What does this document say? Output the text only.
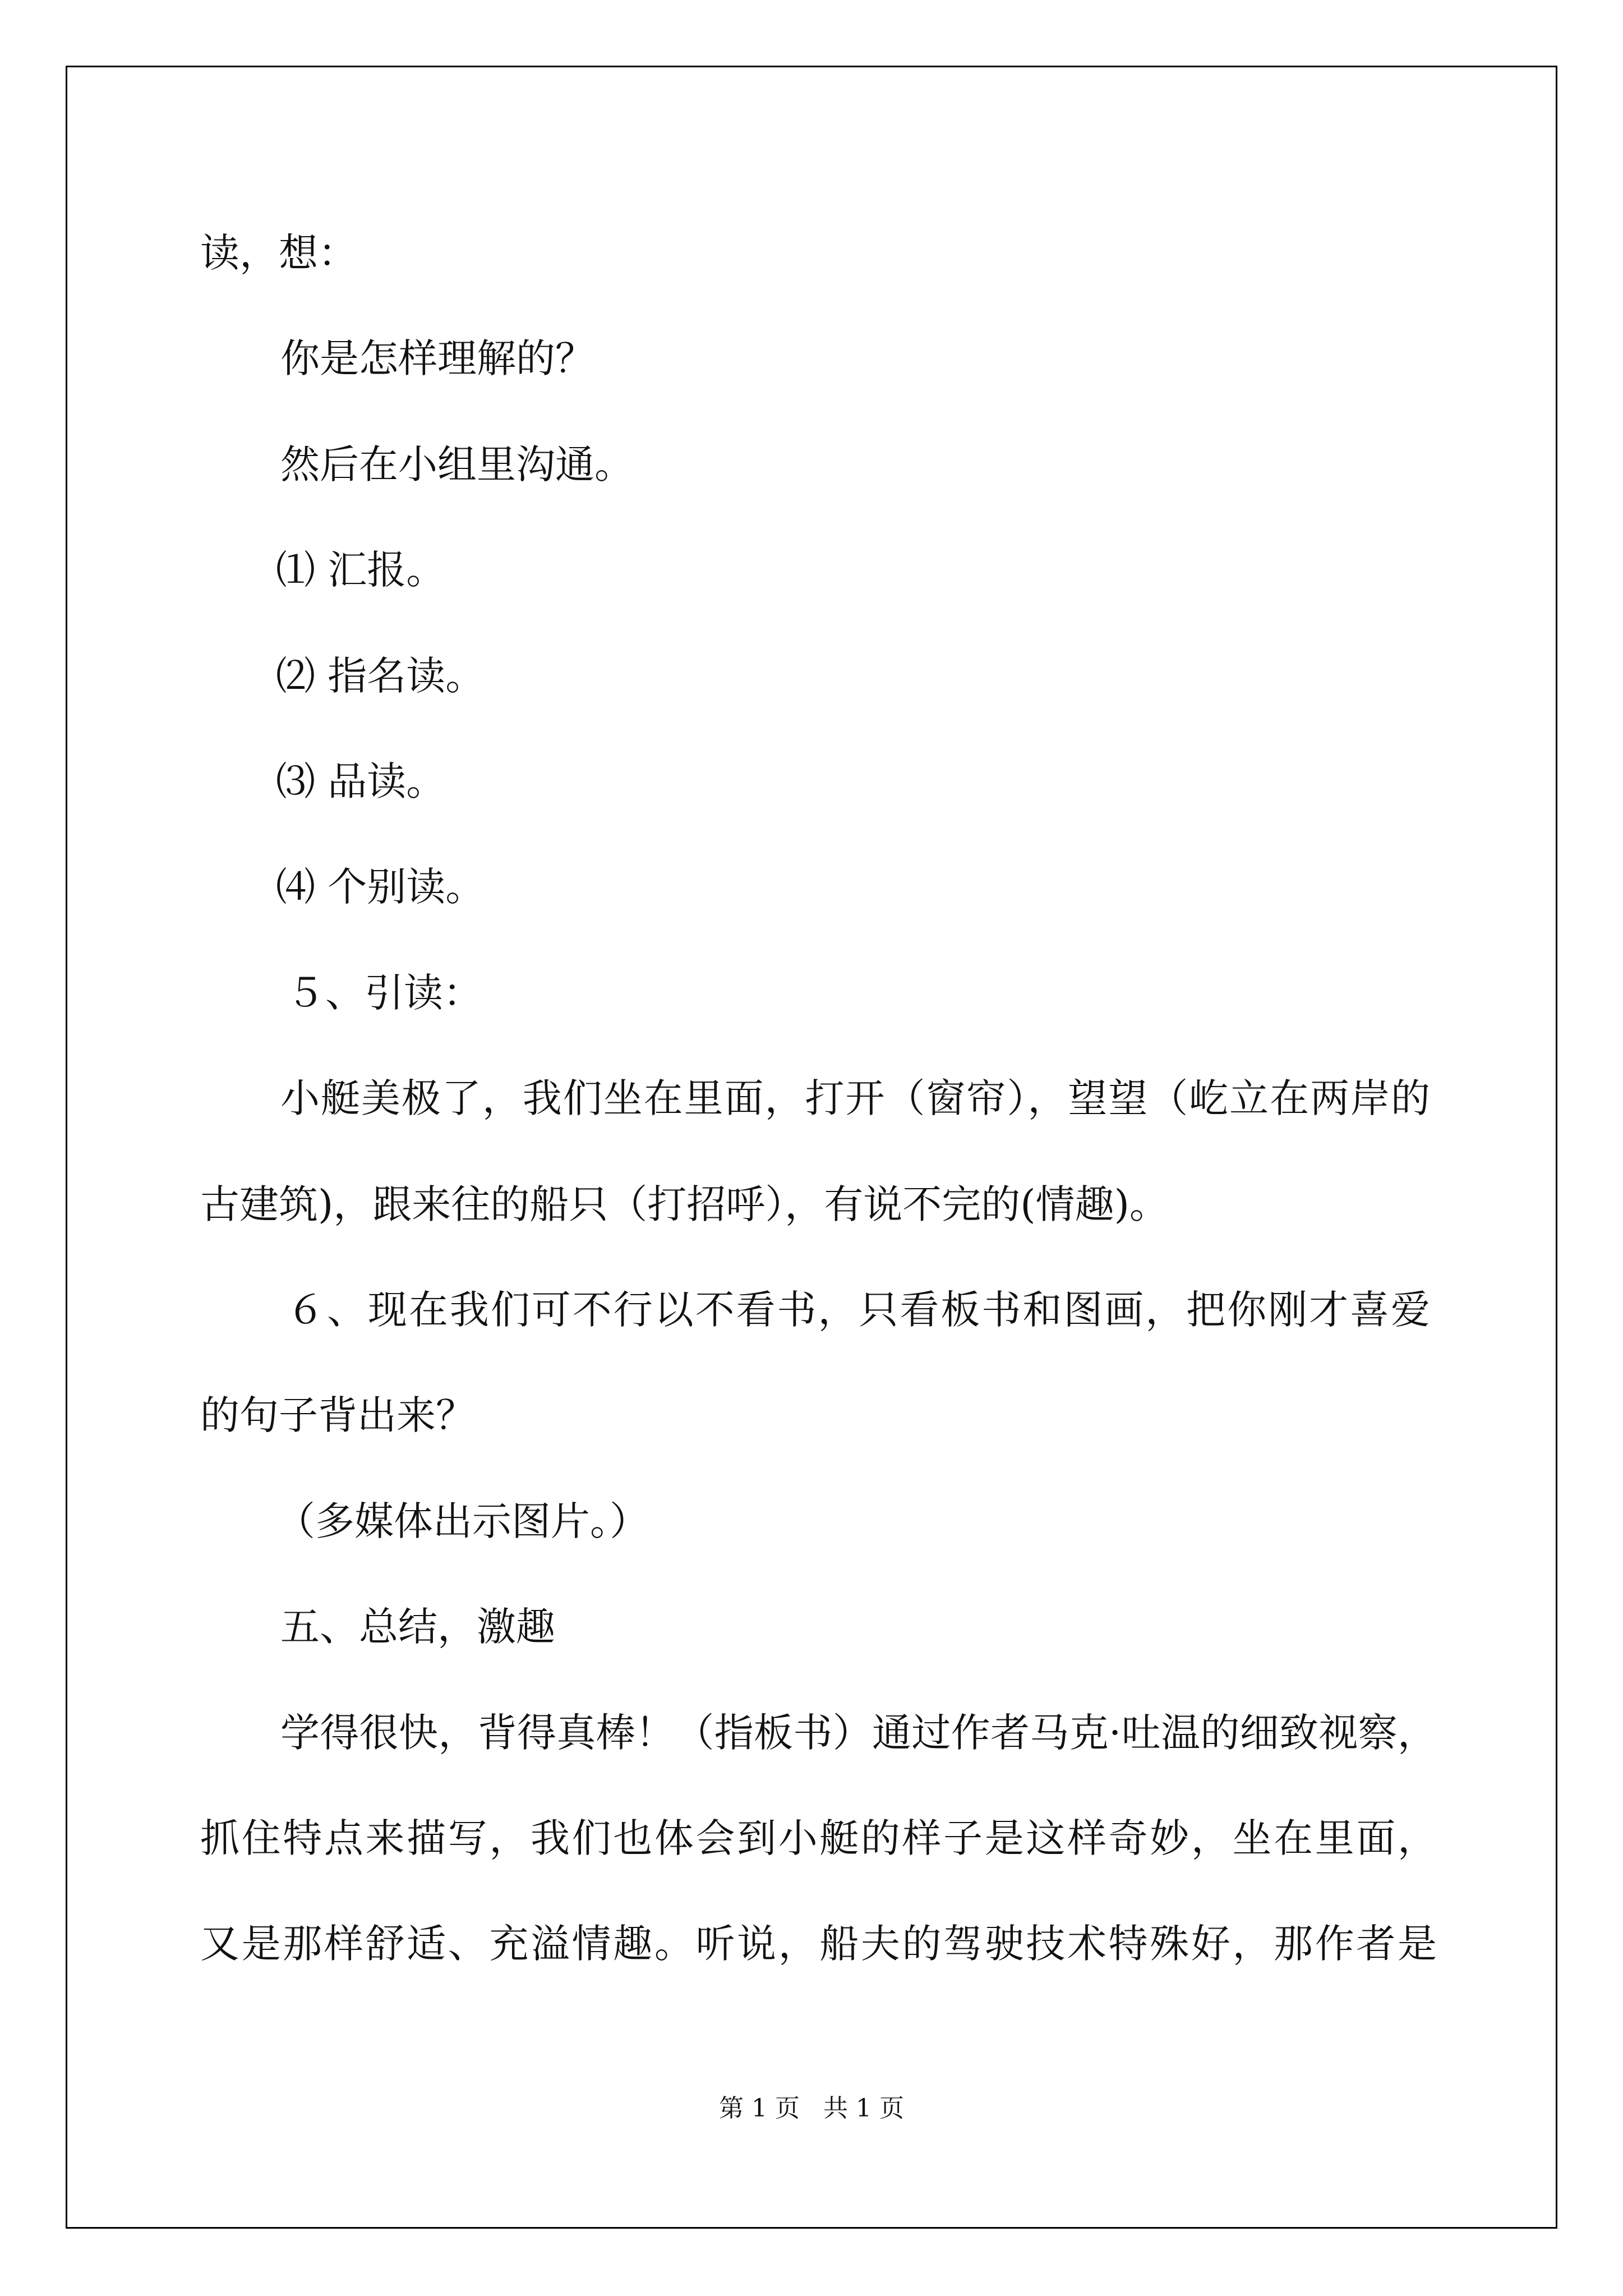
读，想：
你是怎样理解的？
然后在小组里沟通。
⑴ 汇报。
⑵ 指名读。
⑶ 品读。
⑷ 个别读。
５、引读：
小艇美极了，我们坐在里面，打开（窗帘），望望（屹立在两岸的
古建筑)，跟来往的船只（打招呼），有说不完的(情趣)。
６、现在我们可不行以不看书，只看板书和图画，把你刚才喜爱
的句子背出来？
（多媒体出示图片。）
五、总结，激趣
学得很快，背得真棒！（指板书）通过作者马克·吐温的细致视察，
抓住特点来描写，我们也体会到小艇的样子是这样奇妙，坐在里面，
又是那样舒适、充溢情趣。听说，船夫的驾驶技术特殊好，那作者是
第 1 页   共 1 页
